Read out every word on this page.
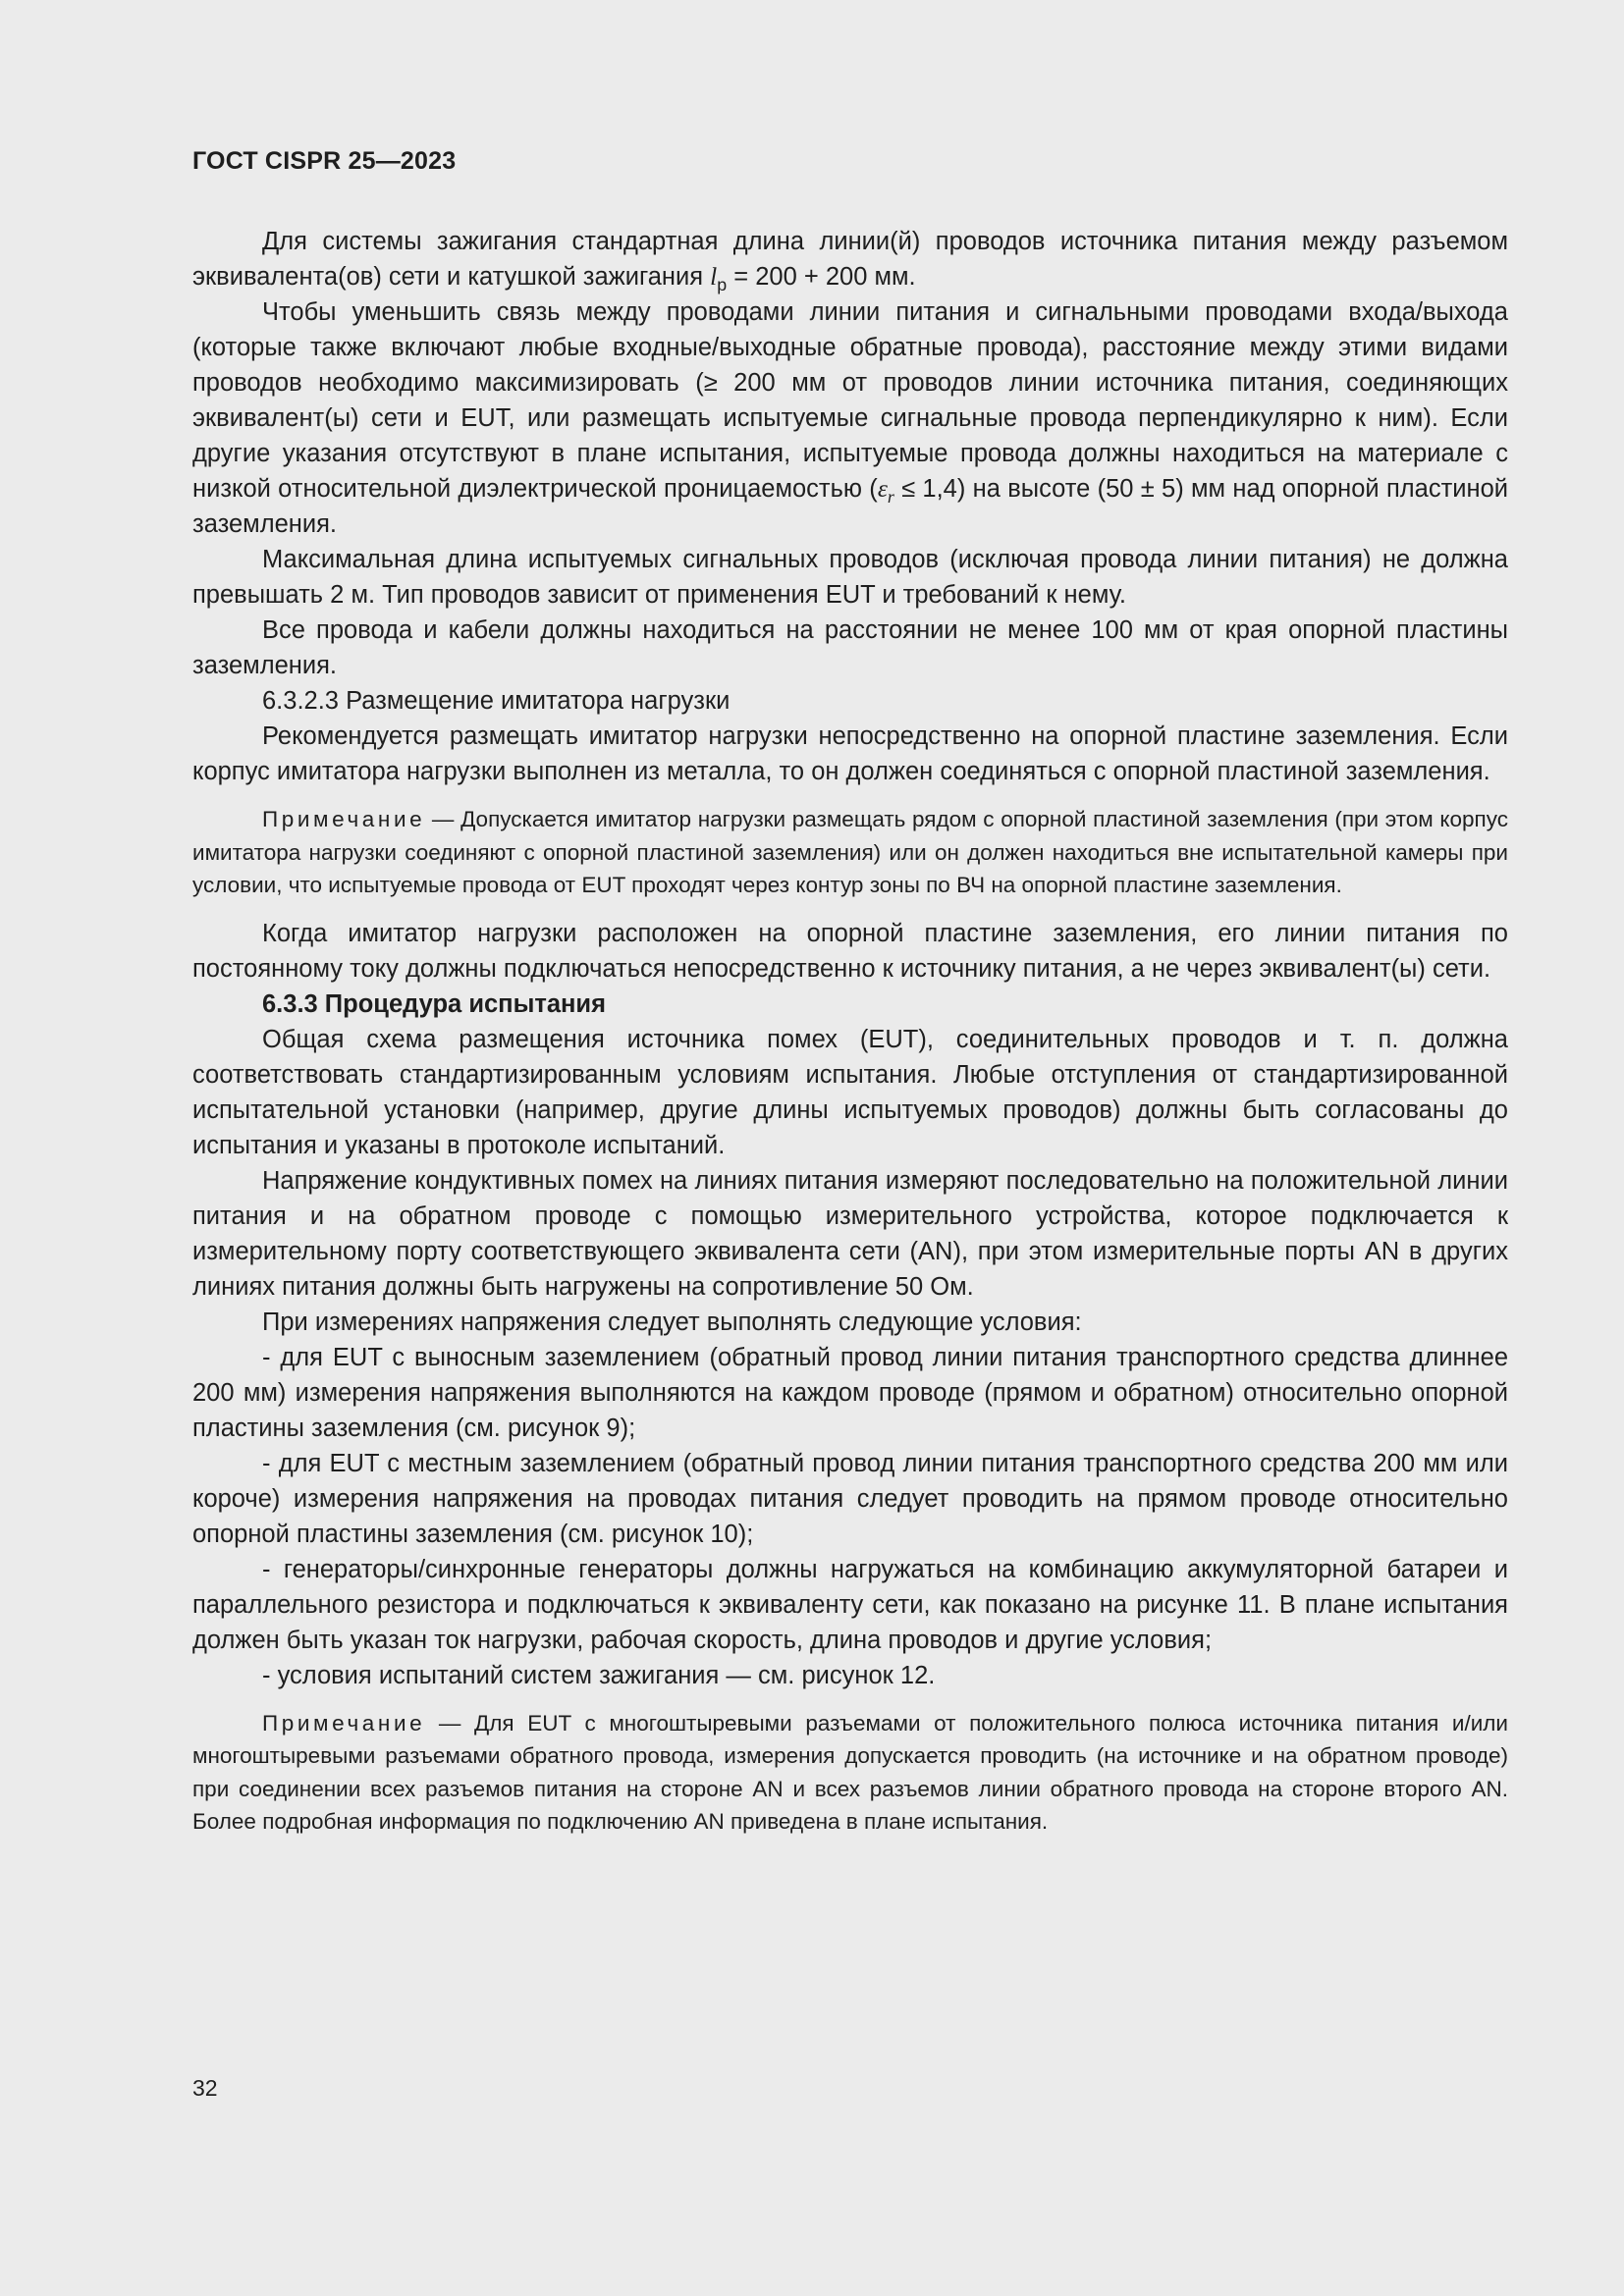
ГОСТ CISPR 25—2023

Для системы зажигания стандартная длина линии(й) проводов источника питания между разъемом эквивалента(ов) сети и катушкой зажигания $l_p = 200 + 200$ мм.

Чтобы уменьшить связь между проводами линии питания и сигнальными проводами входа/выхода (которые также включают любые входные/выходные обратные провода), расстояние между этими видами проводов необходимо максимизировать (≥ 200 мм от проводов линии источника питания, соединяющих эквивалент(ы) сети и EUT, или размещать испытуемые сигнальные провода перпендикулярно к ним). Если другие указания отсутствуют в плане испытания, испытуемые провода должны находиться на материале с низкой относительной диэлектрической проницаемостью $(\varepsilon_r \le 1,4)$ на высоте (50 ± 5) мм над опорной пластиной заземления.

Максимальная длина испытуемых сигнальных проводов (исключая провода линии питания) не должна превышать 2 м. Тип проводов зависит от применения EUT и требований к нему.

Все провода и кабели должны находиться на расстоянии не менее 100 мм от края опорной пластины заземления.

6.3.2.3 Размещение имитатора нагрузки

Рекомендуется размещать имитатор нагрузки непосредственно на опорной пластине заземления. Если корпус имитатора нагрузки выполнен из металла, то он должен соединяться с опорной пластиной заземления.

Примечание — Допускается имитатор нагрузки размещать рядом с опорной пластиной заземления (при этом корпус имитатора нагрузки соединяют с опорной пластиной заземления) или он должен находиться вне испытательной камеры при условии, что испытуемые провода от EUT проходят через контур зоны по ВЧ на опорной пластине заземления.

Когда имитатор нагрузки расположен на опорной пластине заземления, его линии питания по постоянному току должны подключаться непосредственно к источнику питания, а не через эквивалент(ы) сети.

6.3.3 Процедура испытания

Общая схема размещения источника помех (EUT), соединительных проводов и т. п. должна соответствовать стандартизированным условиям испытания. Любые отступления от стандартизированной испытательной установки (например, другие длины испытуемых проводов) должны быть согласованы до испытания и указаны в протоколе испытаний.

Напряжение кондуктивных помех на линиях питания измеряют последовательно на положительной линии питания и на обратном проводе с помощью измерительного устройства, которое подключается к измерительному порту соответствующего эквивалента сети (AN), при этом измерительные порты AN в других линиях питания должны быть нагружены на сопротивление 50 Ом.

При измерениях напряжения следует выполнять следующие условия:

- для EUT с выносным заземлением (обратный провод линии питания транспортного средства длиннее 200 мм) измерения напряжения выполняются на каждом проводе (прямом и обратном) относительно опорной пластины заземления (см. рисунок 9);

- для EUT с местным заземлением (обратный провод линии питания транспортного средства 200 мм или короче) измерения напряжения на проводах питания следует проводить на прямом проводе относительно опорной пластины заземления (см. рисунок 10);

- генераторы/синхронные генераторы должны нагружаться на комбинацию аккумуляторной батареи и параллельного резистора и подключаться к эквиваленту сети, как показано на рисунке 11. В плане испытания должен быть указан ток нагрузки, рабочая скорость, длина проводов и другие условия;

- условия испытаний систем зажигания — см. рисунок 12.

Примечание — Для EUT с многоштыревыми разъемами от положительного полюса источника питания и/или многоштыревыми разъемами обратного провода, измерения допускается проводить (на источнике и на обратном проводе) при соединении всех разъемов питания на стороне AN и всех разъемов линии обратного провода на стороне второго AN. Более подробная информация по подключению AN приведена в плане испытания.

32
